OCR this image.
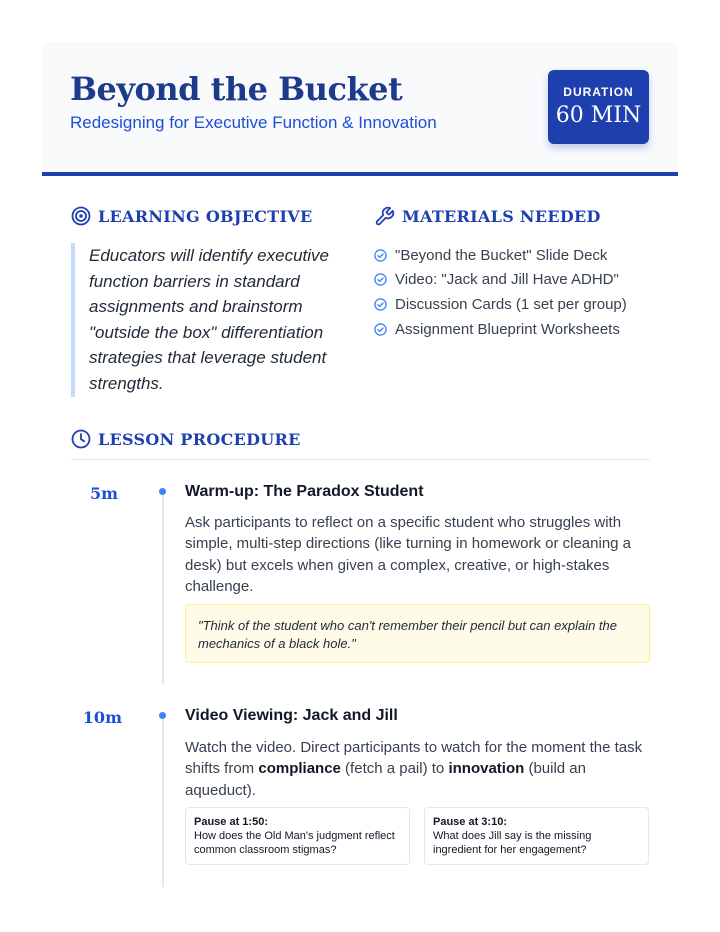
Beyond the Bucket
Redesigning for Executive Function & Innovation
DURATION
60 MIN
LEARNING OBJECTIVE
Educators will identify executive function barriers in standard assignments and brainstorm "outside the box" differentiation strategies that leverage student strengths.
MATERIALS NEEDED
"Beyond the Bucket" Slide Deck
Video: "Jack and Jill Have ADHD"
Discussion Cards (1 set per group)
Assignment Blueprint Worksheets
LESSON PROCEDURE
5m	Warm-up: The Paradox Student
Ask participants to reflect on a specific student who struggles with simple, multi-step directions (like turning in homework or cleaning a desk) but excels when given a complex, creative, or high-stakes challenge.
"Think of the student who can't remember their pencil but can explain the mechanics of a black hole."
10m	Video Viewing: Jack and Jill
Watch the video. Direct participants to watch for the moment the task shifts from compliance (fetch a pail) to innovation (build an aqueduct).
Pause at 1:50:
How does the Old Man's judgment reflect common classroom stigmas?
Pause at 3:10:
What does Jill say is the missing ingredient for her engagement?
